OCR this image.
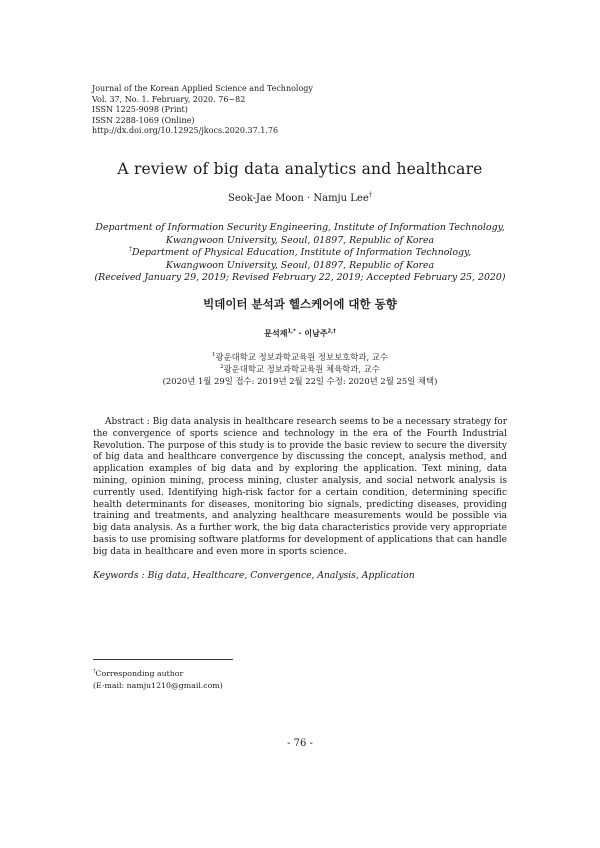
Journal of the Korean Applied Science and Technology
Vol. 37, No. 1. February, 2020. 76~82
ISSN 1225-9098 (Print)
ISSN 2288-1069 (Online)
http://dx.doi.org/10.12925/jkocs.2020.37.1.76
A review of big data analytics and healthcare
Seok-Jae Moon · Namju Lee†
Department of Information Security Engineering, Institute of Information Technology,
Kwangwoon University, Seoul, 01897, Republic of Korea
†Department of Physical Education, Institute of Information Technology,
Kwangwoon University, Seoul, 01897, Republic of Korea
(Received January 29, 2019; Revised February 22, 2019; Accepted February 25, 2020)
빅데이터 분석과 헬스케어에 대한 동향
문석재$^{1,*}$ · 이남주$^{2,\dagger}$
$^1$광운대학교 정보과학교육원 정보보호학과, 교수
$^2$광운대학교 정보과학교육원 체육학과, 교수
(2020년 1월 29일 접수: 2019년 2월 22일 수정: 2020년 2월 25일 채택)
Abstract : Big data analysis in healthcare research seems to be a necessary strategy for the convergence of sports science and technology in the era of the Fourth Industrial Revolution. The purpose of this study is to provide the basic review to secure the diversity of big data and healthcare convergence by discussing the concept, analysis method, and application examples of big data and by exploring the application. Text mining, data mining, opinion mining, process mining, cluster analysis, and social network analysis is currently used. Identifying high-risk factor for a certain condition, determining specific health determinants for diseases, monitoring bio signals, predicting diseases, providing training and treatments, and analyzing healthcare measurements would be possible via big data analysis. As a further work, the big data characteristics provide very appropriate basis to use promising software platforms for development of applications that can handle big data in healthcare and even more in sports science.
Keywords : Big data, Healthcare, Convergence, Analysis, Application
†Corresponding author
(E-mail: namju1210@gmail.com)
- 76 -
